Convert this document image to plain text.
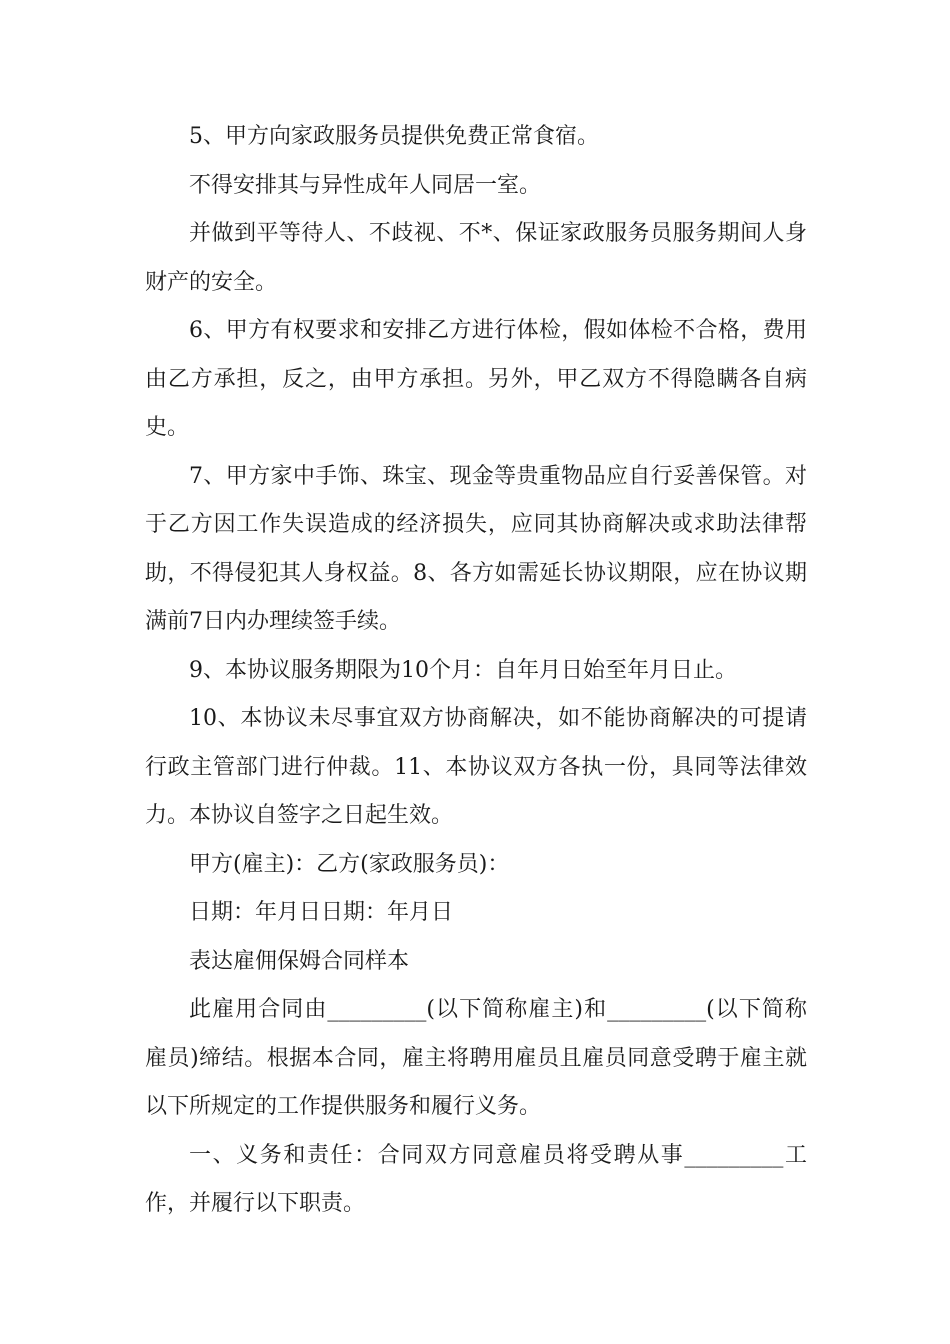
5、甲方向家政服务员提供免费正常食宿。

不得安排其与异性成年人同居一室。

并做到平等待人、不歧视、不*、保证家政服务员服务期间人身财产的安全。

6、甲方有权要求和安排乙方进行体检，假如体检不合格，费用由乙方承担，反之，由甲方承担。另外，甲乙双方不得隐瞒各自病史。

7、甲方家中手饰、珠宝、现金等贵重物品应自行妥善保管。对于乙方因工作失误造成的经济损失，应同其协商解决或求助法律帮助，不得侵犯其人身权益。8、各方如需延长协议期限，应在协议期满前7日内办理续签手续。

9、本协议服务期限为10个月：自年月日始至年月日止。

10、本协议未尽事宜双方协商解决，如不能协商解决的可提请行政主管部门进行仲裁。11、本协议双方各执一份，具同等法律效力。本协议自签字之日起生效。

甲方(雇主)：乙方(家政服务员)：

日期：年月日日期：年月日

表达雇佣保姆合同样本

此雇用合同由_________(以下简称雇主)和_________(以下简称雇员)缔结。根据本合同，雇主将聘用雇员且雇员同意受聘于雇主就以下所规定的工作提供服务和履行义务。

一、义务和责任：合同双方同意雇员将受聘从事_________工作，并履行以下职责。
